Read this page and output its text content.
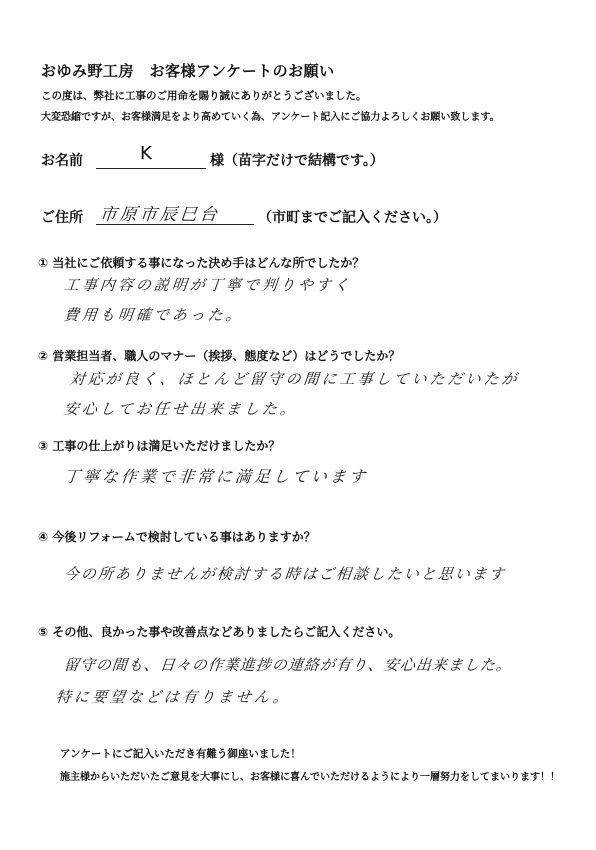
おゆみ野工房　お客様アンケートのお願い
この度は、弊社に工事のご用命を賜り誠にありがとうございました。
大変恐縮ですが、お客様満足をより高めていく為、アンケート記入にご協力よろしくお願い致します。
お名前	K	様（苗字だけで結構です。）
ご住所 市原市辰巳台	（市町までご記入ください。）
① 当社にご依頼する事になった決め手はどんな所でしたか？
工事内容の説明が丁寧で判りやすく
費用も明確であった。
② 営業担当者、職人のマナー（挨拶、態度など）はどうでしたか？
対応が良く、ほとんど留守の間に工事していただいたが
安心してお任せ出来ました。
③ 工事の仕上がりは満足いただけましたか？
丁寧な作業で非常に満足しています
④ 今後リフォームで検討している事はありますか？
今の所ありませんが検討する時はご相談したいと思います
⑤ その他、良かった事や改善点などありましたらご記入ください。
留守の間も、日々の作業進捗の連絡が有り、安心出来ました。
特に要望などは有りません。
アンケートにご記入いただき有難う御座いました！
施主様からいただいたご意見を大事にし、お客様に喜んでいただけるようにより一層努力をしてまいります！！
